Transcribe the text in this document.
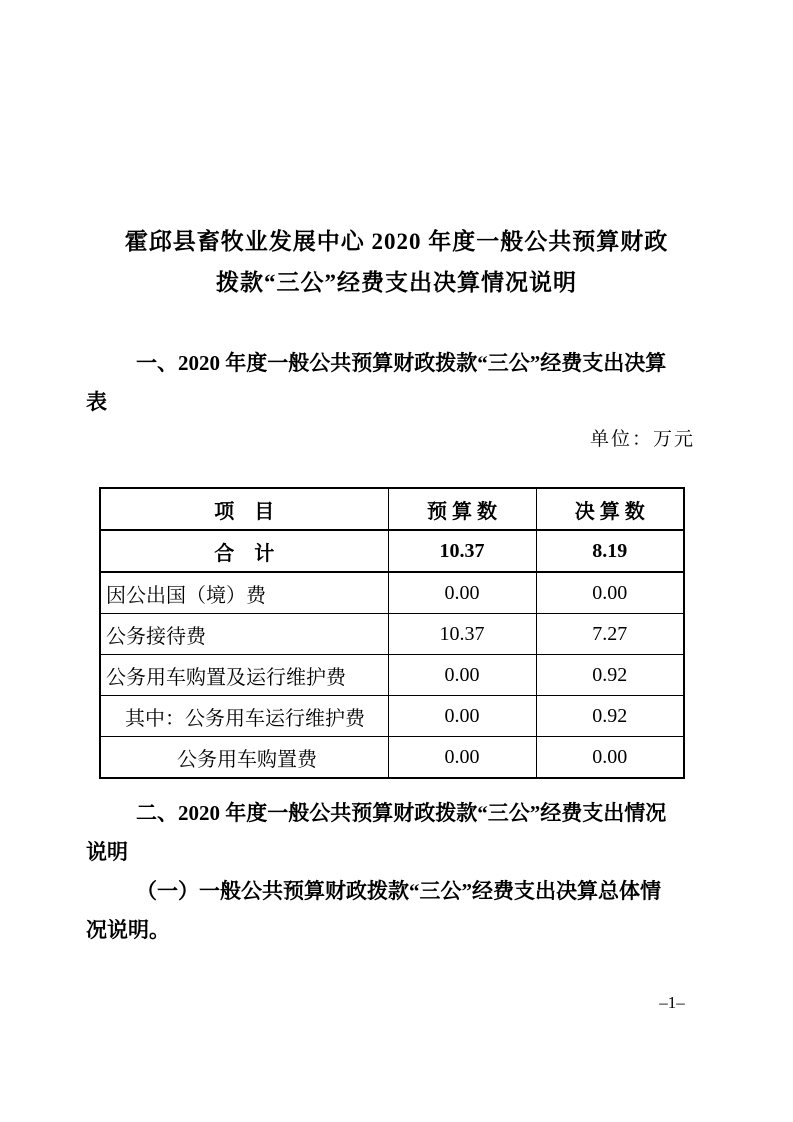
霍邱县畜牧业发展中心 2020 年度一般公共预算财政
拨款“三公”经费支出决算情况说明
一、2020 年度一般公共预算财政拨款“三公”经费支出决算
表
单位：万元
项　目	预 算 数	决 算 数
合　计	10.37	8.19
因公出国（境）费	0.00	0.00
公务接待费	10.37	7.27
公务用车购置及运行维护费	0.00	0.92
其中：公务用车运行维护费	0.00	0.92
公务用车购置费	0.00	0.00
二、2020 年度一般公共预算财政拨款“三公”经费支出情况
说明
（一）一般公共预算财政拨款“三公”经费支出决算总体情
况说明。
–1–
